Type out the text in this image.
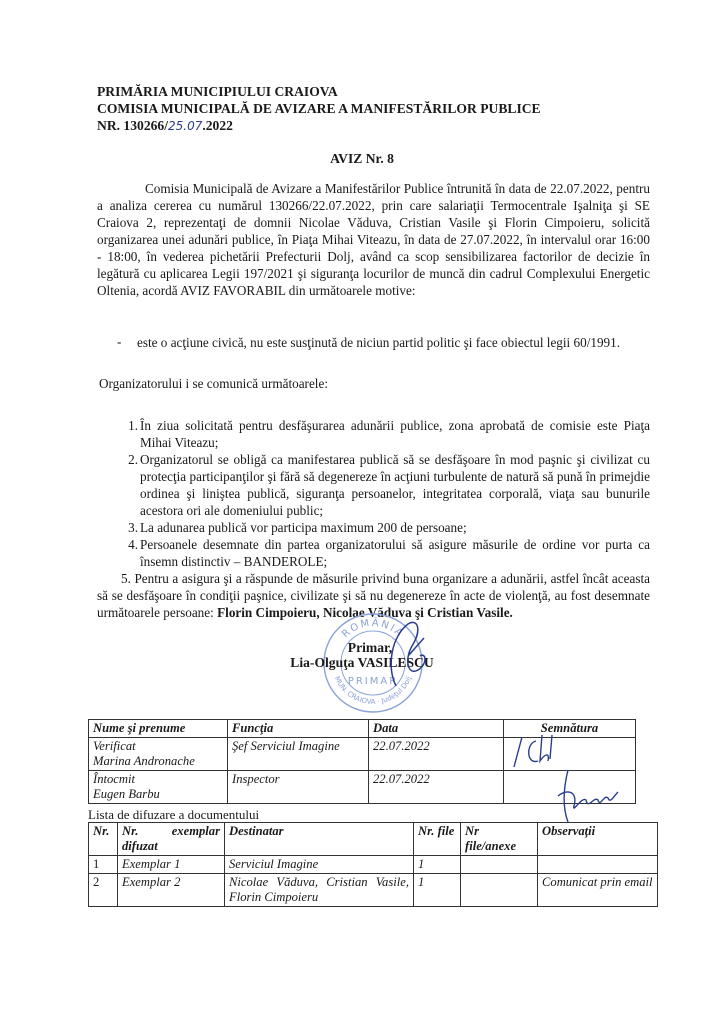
PRIMĂRIA MUNICIPIULUI CRAIOVA
COMISIA MUNICIPALĂ DE AVIZARE A MANIFESTĂRILOR PUBLICE
NR. 130266/25.07.2022
AVIZ Nr. 8
Comisia Municipală de Avizare a Manifestărilor Publice întrunită în data de 22.07.2022, pentru a analiza cererea cu numărul 130266/22.07.2022, prin care salariaţii Termocentrale Işalniţa şi SE Craiova 2, reprezentaţi de domnii Nicolae Văduva, Cristian Vasile şi Florin Cimpoieru, solicită organizarea unei adunări publice, în Piaţa Mihai Viteazu, în data de 27.07.2022, în intervalul orar 16:00 - 18:00, în vederea pichetării Prefecturii Dolj, având ca scop sensibilizarea factorilor de decizie în legătură cu aplicarea Legii 197/2021 şi siguranţa locurilor de muncă din cadrul Complexului Energetic Oltenia, acordă AVIZ FAVORABIL din următoarele motive:
- este o acţiune civică, nu este susţinută de niciun partid politic şi face obiectul legii 60/1991.
Organizatorului i se comunică următoarele:
1. În ziua solicitată pentru desfăşurarea adunării publice, zona aprobată de comisie este Piaţa Mihai Viteazu;
2. Organizatorul se obligă ca manifestarea publică să se desfăşoare în mod paşnic şi civilizat cu protecţia participanţilor şi fără să degenereze în acţiuni turbulente de natură să pună în primejdie ordinea şi liniştea publică, siguranţa persoanelor, integritatea corporală, viaţa sau bunurile acestora ori ale domeniului public;
3. La adunarea publică vor participa maximum 200 de persoane;
4. Persoanele desemnate din partea organizatorului să asigure măsurile de ordine vor purta ca însemn distinctiv – BANDEROLE;
5. Pentru a asigura şi a răspunde de măsurile privind buna organizare a adunării, astfel încât aceasta să se desfăşoare în condiţii paşnice, civilizate şi să nu degenereze în acte de violenţă, au fost desemnate următoarele persoane: Florin Cimpoieru, Nicolae Văduva şi Cristian Vasile.
ROMÂNIA
MUN. CRAIOVA · Judeţul Dolj
PRIMAR
Primar,
Lia-Olguţa VASILESCU
Nume şi prenume	Funcţia	Data	Semnătura
Verificat
Marina Andronache	Şef Serviciul Imagine	22.07.2022	
Întocmit
Eugen Barbu	Inspector	22.07.2022	
Lista de difuzare a documentului
Nr.	Nr. exemplar difuzat	Destinatar	Nr. file	Nr file/anexe	Observaţii
1	Exemplar 1	Serviciul Imagine	1		
2	Exemplar 2	Nicolae Văduva, Cristian Vasile, Florin Cimpoieru	1		Comunicat prin email
